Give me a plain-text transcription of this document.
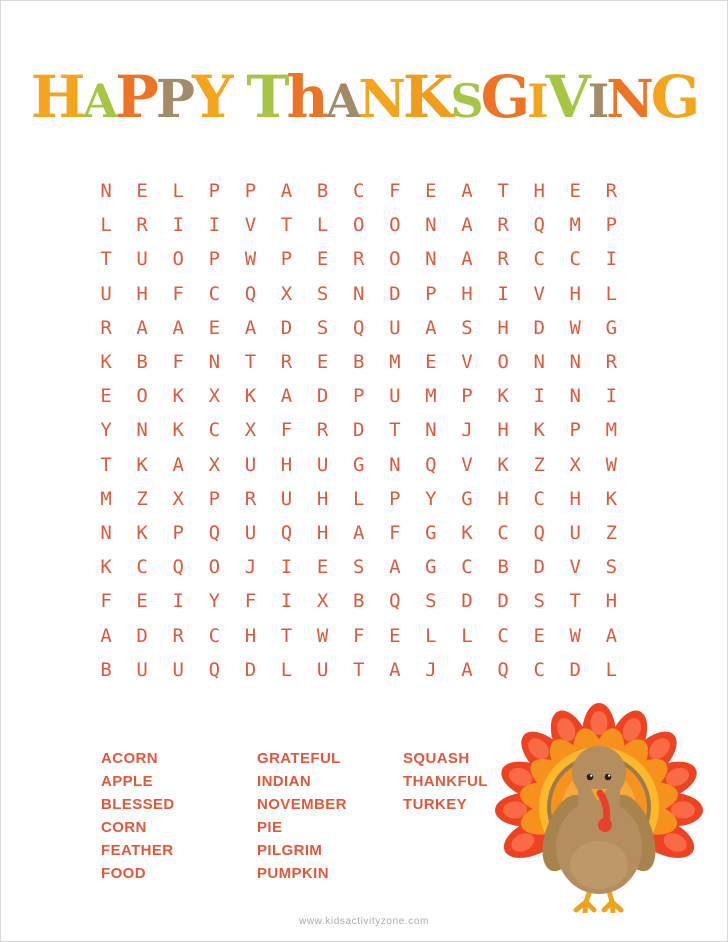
HAPPY ThANKSGIVING
N	E	L	P	P	A	B	C	F	E	A	T	H	E	R
L	R	I	I	V	T	L	O	O	N	A	R	Q	M	P
T	U	O	P	W	P	E	R	O	N	A	R	C	C	I
U	H	F	C	Q	X	S	N	D	P	H	I	V	H	L
R	A	A	E	A	D	S	Q	U	A	S	H	D	W	G
K	B	F	N	T	R	E	B	M	E	V	O	N	N	R
E	O	K	X	K	A	D	P	U	M	P	K	I	N	I
Y	N	K	C	X	F	R	D	T	N	J	H	K	P	M
T	K	A	X	U	H	U	G	N	Q	V	K	Z	X	W
M	Z	X	P	R	U	H	L	P	Y	G	H	C	H	K
N	K	P	Q	U	Q	H	A	F	G	K	C	Q	U	Z
K	C	Q	O	J	I	E	S	A	G	C	B	D	V	S
F	E	I	Y	F	I	X	B	Q	S	D	D	S	T	H
A	D	R	C	H	T	W	F	E	L	L	C	E	W	A
B	U	U	Q	D	L	U	T	A	J	A	Q	C	D	L
ACORN
APPLE
BLESSED
CORN
FEATHER
FOOD
GRATEFUL
INDIAN
NOVEMBER
PIE
PILGRIM
PUMPKIN
SQUASH
THANKFUL
TURKEY
www.kidsactivityzone.com
